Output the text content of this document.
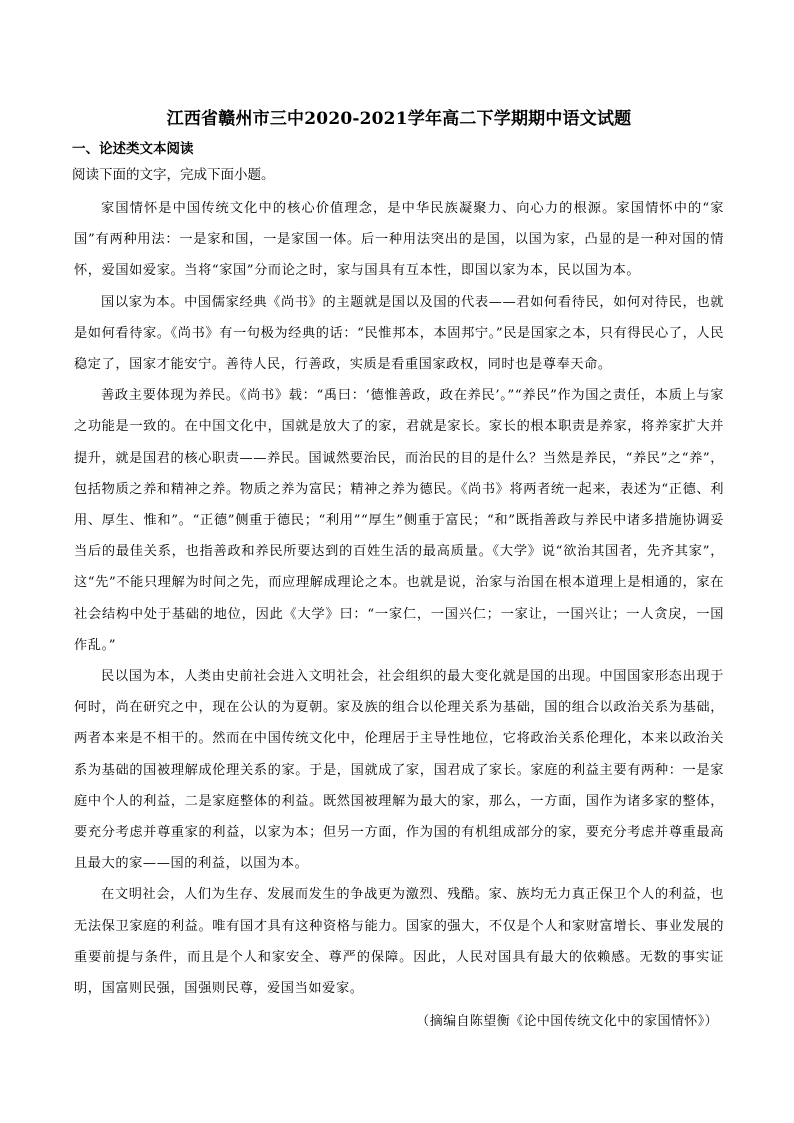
江西省赣州市三中2020-2021学年高二下学期期中语文试题
一、论述类文本阅读
阅读下面的文字，完成下面小题。

家国情怀是中国传统文化中的核心价值理念，是中华民族凝聚力、向心力的根源。家国情怀中的“家国”有两种用法：一是家和国，一是家国一体。后一种用法突出的是国，以国为家，凸显的是一种对国的情怀，爱国如爱家。当将“家国”分而论之时，家与国具有互本性，即国以家为本，民以国为本。

国以家为本。中国儒家经典《尚书》的主题就是国以及国的代表——君如何看待民，如何对待民，也就是如何看待家。《尚书》有一句极为经典的话：“民惟邦本，本固邦宁。”民是国家之本，只有得民心了，人民稳定了，国家才能安宁。善待人民，行善政，实质是看重国家政权，同时也是尊奉天命。

善政主要体现为养民。《尚书》载：“禹曰：‘德惟善政，政在养民’。”“养民”作为国之责任，本质上与家之功能是一致的。在中国文化中，国就是放大了的家，君就是家长。家长的根本职责是养家，将养家扩大并提升，就是国君的核心职责——养民。国诚然要治民，而治民的目的是什么？当然是养民，“养民”之“养”，包括物质之养和精神之养。物质之养为富民；精神之养为德民。《尚书》将两者统一起来，表述为“正德、利用、厚生、惟和”。“正德”侧重于德民；“利用”“厚生”侧重于富民；“和”既指善政与养民中诸多措施协调妥当后的最佳关系，也指善政和养民所要达到的百姓生活的最高质量。《大学》说“欲治其国者，先齐其家”，这“先”不能只理解为时间之先，而应理解成理论之本。也就是说，治家与治国在根本道理上是相通的，家在社会结构中处于基础的地位，因此《大学》曰：“一家仁，一国兴仁；一家让，一国兴让；一人贪戾，一国作乱。”

民以国为本，人类由史前社会进入文明社会，社会组织的最大变化就是国的出现。中国国家形态出现于何时，尚在研究之中，现在公认的为夏朝。家及族的组合以伦理关系为基础，国的组合以政治关系为基础，两者本来是不相干的。然而在中国传统文化中，伦理居于主导性地位，它将政治关系伦理化，本来以政治关系为基础的国被理解成伦理关系的家。于是，国就成了家，国君成了家长。家庭的利益主要有两种：一是家庭中个人的利益，二是家庭整体的利益。既然国被理解为最大的家，那么，一方面，国作为诸多家的整体，要充分考虑并尊重家的利益，以家为本；但另一方面，作为国的有机组成部分的家，要充分考虑并尊重最高且最大的家——国的利益，以国为本。

在文明社会，人们为生存、发展而发生的争战更为激烈、残酷。家、族均无力真正保卫个人的利益，也无法保卫家庭的利益。唯有国才具有这种资格与能力。国家的强大，不仅是个人和家财富增长、事业发展的重要前提与条件，而且是个人和家安全、尊严的保障。因此，人民对国具有最大的依赖感。无数的事实证明，国富则民强，国强则民尊，爱国当如爱家。

（摘编自陈望衡《论中国传统文化中的家国情怀》）
